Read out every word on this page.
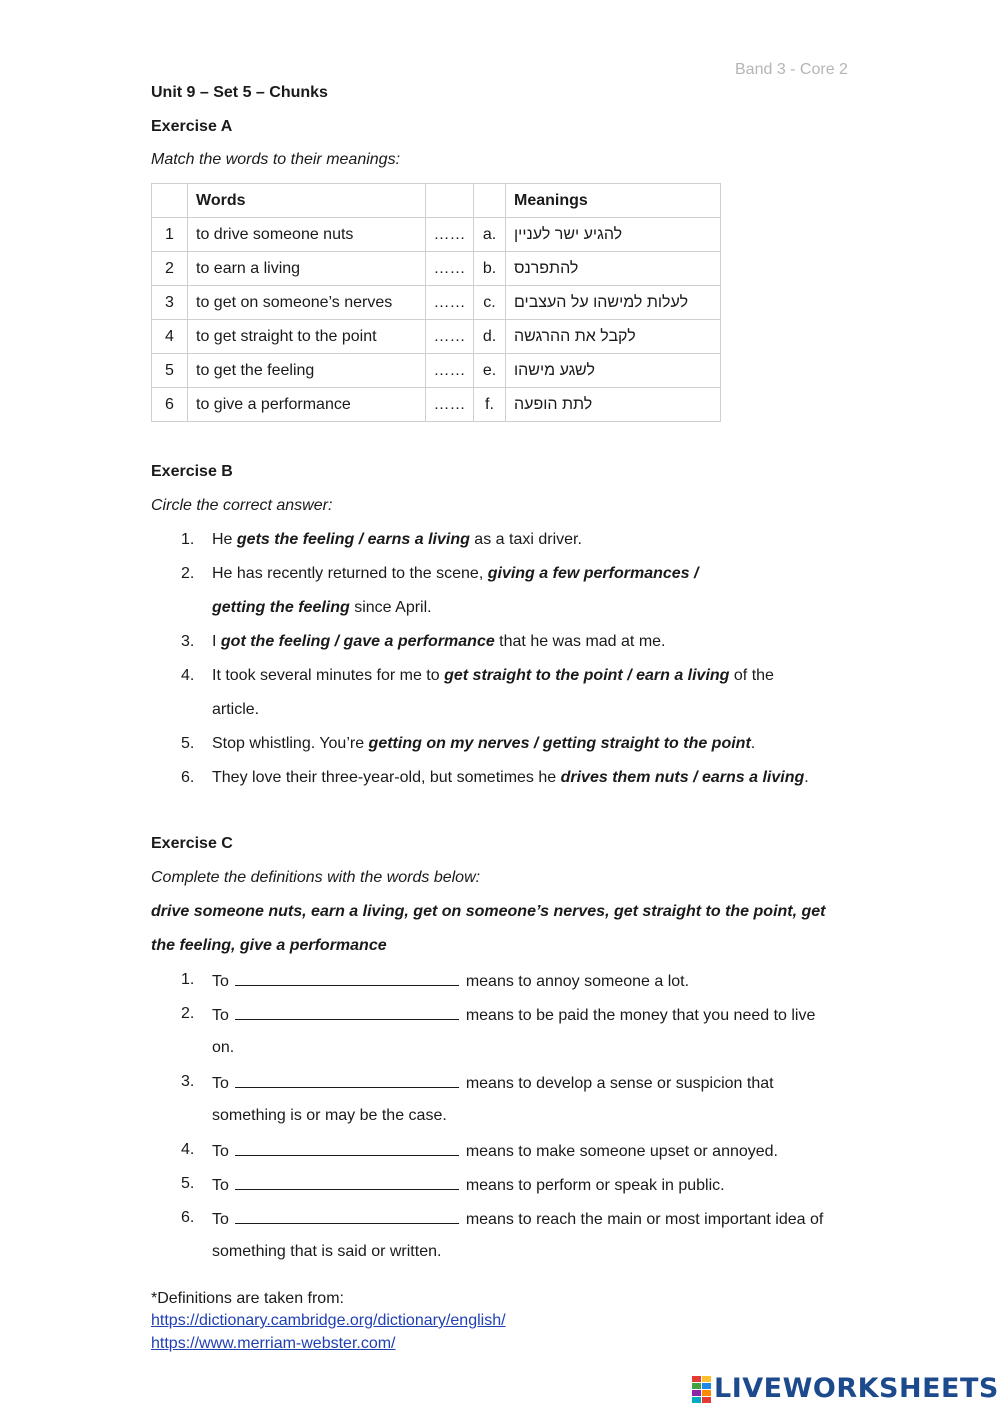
Band 3 - Core 2
Unit 9 – Set 5 – Chunks
Exercise A
Match the words to their meanings:
	Words			Meanings
1	to drive someone nuts	……	a.	להגיע ישר לעניין
2	to earn a living	……	b.	להתפרנס
3	to get on someone’s nerves	……	c.	לעלות למישהו על העצבים
4	to get straight to the point	……	d.	לקבל את ההרגשה
5	to get the feeling	……	e.	לשגע מישהו
6	to give a performance	……	f.	לתת הופעה
Exercise B
Circle the correct answer:
1. He gets the feeling / earns a living as a taxi driver.
2. He has recently returned to the scene, giving a few performances /
getting the feeling since April.
3. I got the feeling / gave a performance that he was mad at me.
4. It took several minutes for me to get straight to the point / earn a living of the
article.
5. Stop whistling. You’re getting on my nerves / getting straight to the point.
6. They love their three-year-old, but sometimes he drives them nuts / earns a living.
Exercise C
Complete the definitions with the words below:
drive someone nuts, earn a living, get on someone’s nerves, get straight to the point, get
the feeling, give a performance
1. To	means to annoy someone a lot.
2. To	means to be paid the money that you need to live
on.
3. To	means to develop a sense or suspicion that
something is or may be the case.
4. To	means to make someone upset or annoyed.
5. To	means to perform or speak in public.
6. To	means to reach the main or most important idea of
something that is said or written.
*Definitions are taken from:
https://dictionary.cambridge.org/dictionary/english/
https://www.merriam-webster.com/
LIVEWORKSHEETS
